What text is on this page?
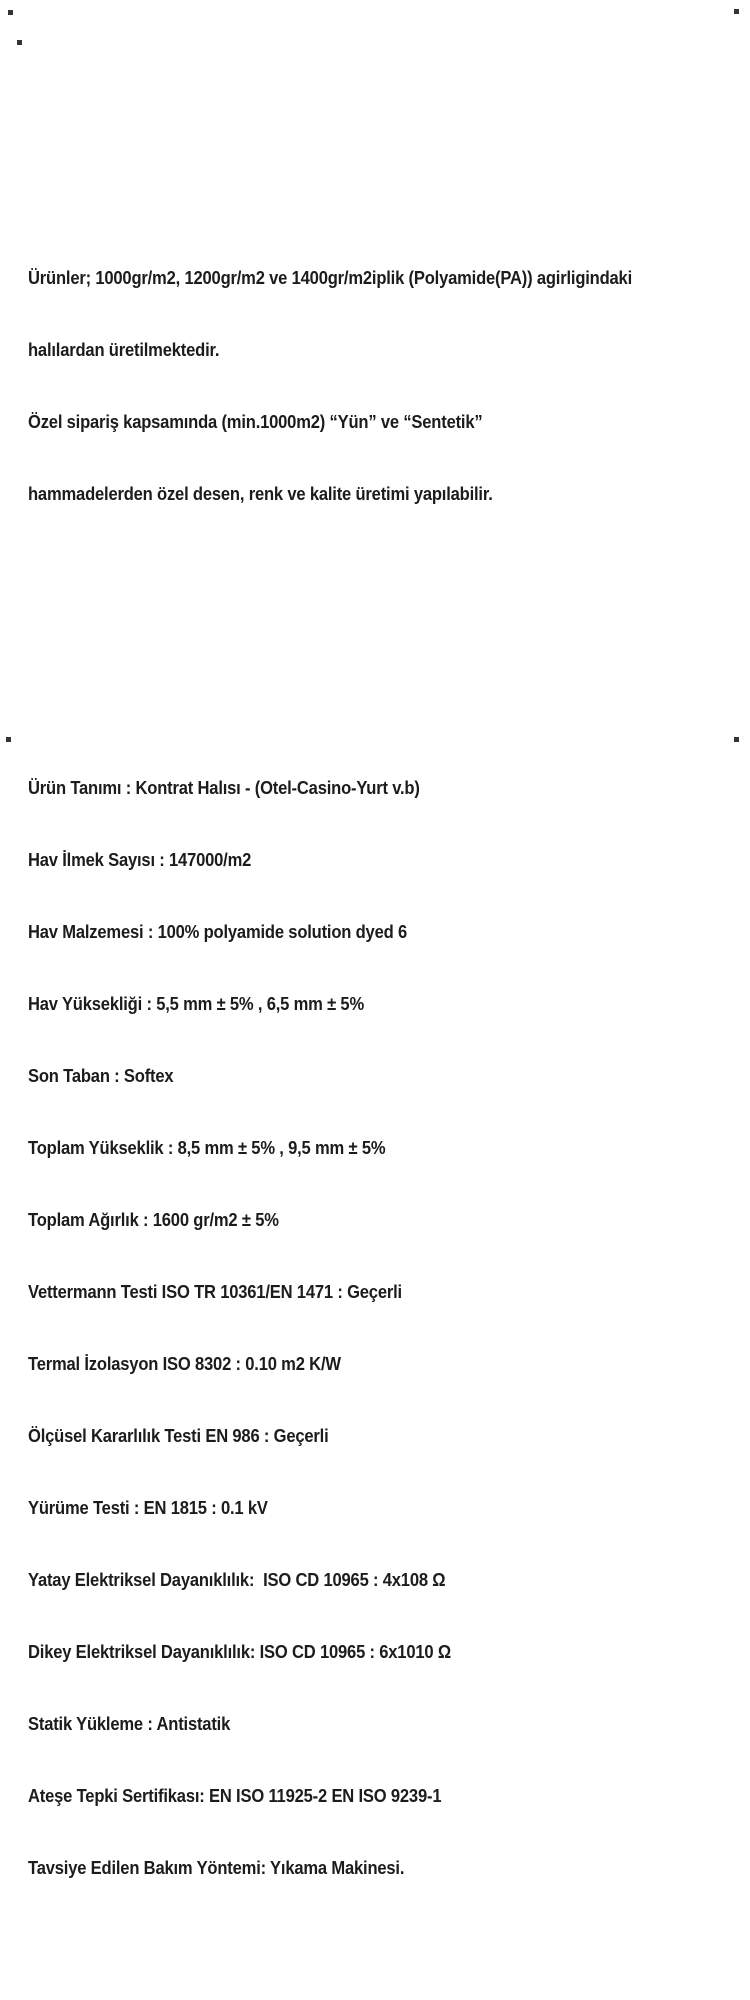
Ürünler; 1000gr/m2, 1200gr/m2 ve 1400gr/m2iplik (Polyamide(PA)) agirligindaki

halılardan üretilmektedir.

Özel sipariş kapsamında (min.1000m2) “Yün” ve “Sentetik”

hammadelerden özel desen, renk ve kalite üretimi yapılabilir.

Ürün Tanımı : Kontrat Halısı - (Otel-Casino-Yurt v.b)

Hav İlmek Sayısı : 147000/m2

Hav Malzemesi : 100% polyamide solution dyed 6

Hav Yüksekliği : 5,5 mm ± 5% , 6,5 mm ± 5%

Son Taban : Softex

Toplam Yükseklik : 8,5 mm ± 5% , 9,5 mm ± 5%

Toplam Ağırlık : 1600 gr/m2 ± 5%

Vettermann Testi ISO TR 10361/EN 1471 : Geçerli

Termal İzolasyon ISO 8302 : 0.10 m2 K/W

Ölçüsel Kararlılık Testi EN 986 : Geçerli

Yürüme Testi : EN 1815 : 0.1 kV

Yatay Elektriksel Dayanıklılık:  ISO CD 10965 : 4x108 Ω

Dikey Elektriksel Dayanıklılık: ISO CD 10965 : 6x1010 Ω

Statik Yükleme : Antistatik

Ateşe Tepki Sertifikası: EN ISO 11925-2 EN ISO 9239-1

Tavsiye Edilen Bakım Yöntemi: Yıkama Makinesi.
